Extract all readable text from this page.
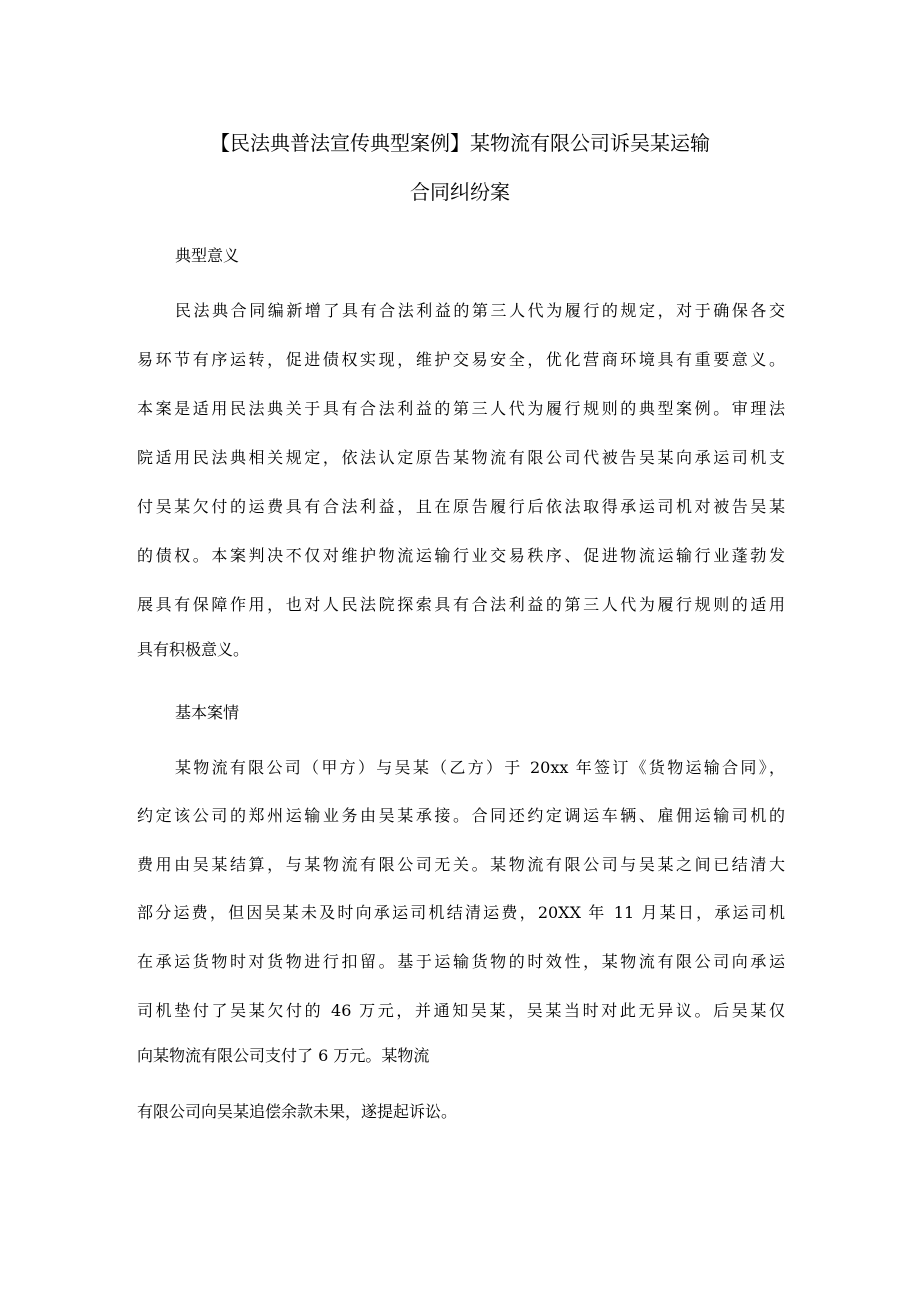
【民法典普法宣传典型案例】某物流有限公司诉吴某运输
合同纠纷案
典型意义
民法典合同编新增了具有合法利益的第三人代为履行的规定，对于确保各交
易环节有序运转，促进债权实现，维护交易安全，优化营商环境具有重要意义。
本案是适用民法典关于具有合法利益的第三人代为履行规则的典型案例。审理法
院适用民法典相关规定，依法认定原告某物流有限公司代被告吴某向承运司机支
付吴某欠付的运费具有合法利益，且在原告履行后依法取得承运司机对被告吴某
的债权。本案判决不仅对维护物流运输行业交易秩序、促进物流运输行业蓬勃发
展具有保障作用，也对人民法院探索具有合法利益的第三人代为履行规则的适用
具有积极意义。
基本案情
某物流有限公司（甲方）与吴某（乙方）于 20xx 年签订《货物运输合同》，
约定该公司的郑州运输业务由吴某承接。合同还约定调运车辆、雇佣运输司机的
费用由吴某结算，与某物流有限公司无关。某物流有限公司与吴某之间已结清大
部分运费，但因吴某未及时向承运司机结清运费，20XX 年 11 月某日，承运司机
在承运货物时对货物进行扣留。基于运输货物的时效性，某物流有限公司向承运
司机垫付了吴某欠付的 46 万元，并通知吴某，吴某当时对此无异议。后吴某仅
向某物流有限公司支付了 6 万元。某物流
有限公司向吴某追偿余款未果，遂提起诉讼。
